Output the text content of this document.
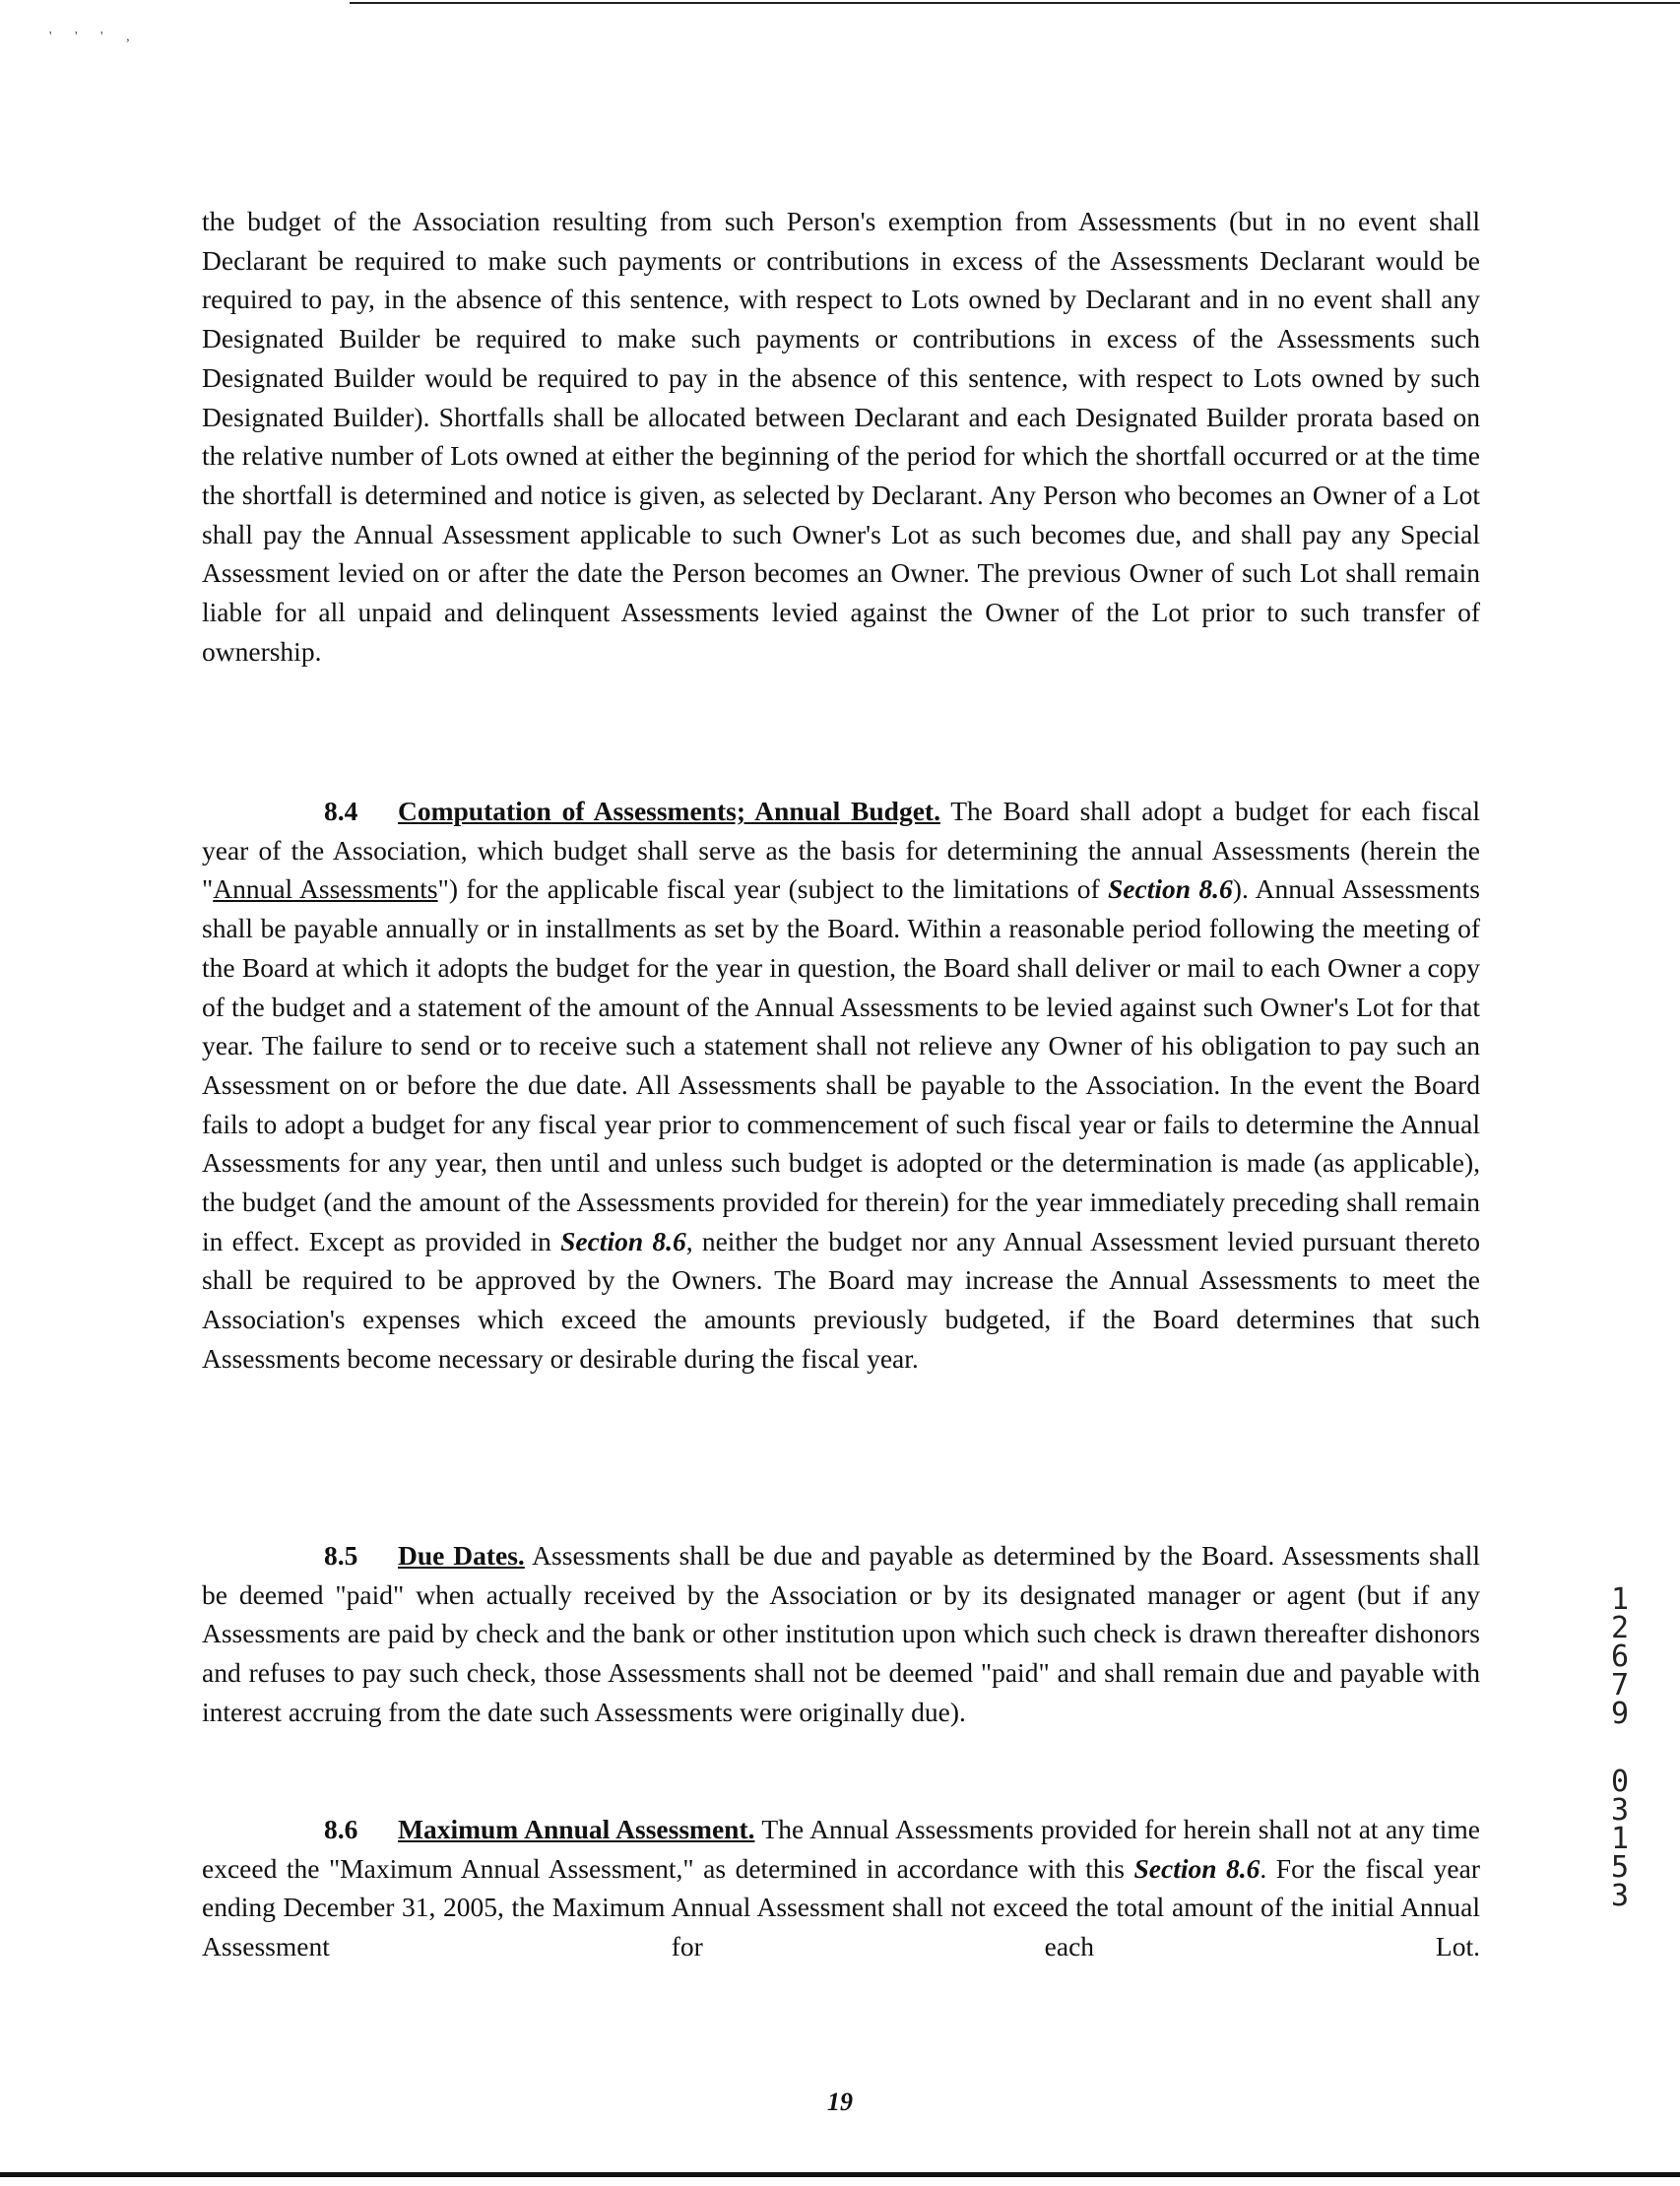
' ' ' ,

the budget of the Association resulting from such Person's exemption from Assessments (but in no event shall Declarant be required to make such payments or contributions in excess of the Assessments Declarant would be required to pay, in the absence of this sentence, with respect to Lots owned by Declarant and in no event shall any Designated Builder be required to make such payments or contributions in excess of the Assessments such Designated Builder would be required to pay in the absence of this sentence, with respect to Lots owned by such Designated Builder). Shortfalls shall be allocated between Declarant and each Designated Builder prorata based on the relative number of Lots owned at either the beginning of the period for which the shortfall occurred or at the time the shortfall is determined and notice is given, as selected by Declarant. Any Person who becomes an Owner of a Lot shall pay the Annual Assessment applicable to such Owner's Lot as such becomes due, and shall pay any Special Assessment levied on or after the date the Person becomes an Owner. The previous Owner of such Lot shall remain liable for all unpaid and delinquent Assessments levied against the Owner of the Lot prior to such transfer of ownership.

8.4 Computation of Assessments; Annual Budget. The Board shall adopt a budget for each fiscal year of the Association, which budget shall serve as the basis for determining the annual Assessments (herein the "Annual Assessments") for the applicable fiscal year (subject to the limitations of Section 8.6). Annual Assessments shall be payable annually or in installments as set by the Board. Within a reasonable period following the meeting of the Board at which it adopts the budget for the year in question, the Board shall deliver or mail to each Owner a copy of the budget and a statement of the amount of the Annual Assessments to be levied against such Owner's Lot for that year. The failure to send or to receive such a statement shall not relieve any Owner of his obligation to pay such an Assessment on or before the due date. All Assessments shall be payable to the Association. In the event the Board fails to adopt a budget for any fiscal year prior to commencement of such fiscal year or fails to determine the Annual Assessments for any year, then until and unless such budget is adopted or the determination is made (as applicable), the budget (and the amount of the Assessments provided for therein) for the year immediately preceding shall remain in effect. Except as provided in Section 8.6, neither the budget nor any Annual Assessment levied pursuant thereto shall be required to be approved by the Owners. The Board may increase the Annual Assessments to meet the Association's expenses which exceed the amounts previously budgeted, if the Board determines that such Assessments become necessary or desirable during the fiscal year.

8.5 Due Dates. Assessments shall be due and payable as determined by the Board. Assessments shall be deemed "paid" when actually received by the Association or by its designated manager or agent (but if any Assessments are paid by check and the bank or other institution upon which such check is drawn thereafter dishonors and refuses to pay such check, those Assessments shall not be deemed "paid" and shall remain due and payable with interest accruing from the date such Assessments were originally due).

8.6 Maximum Annual Assessment. The Annual Assessments provided for herein shall not at any time exceed the "Maximum Annual Assessment," as determined in accordance with this Section 8.6. For the fiscal year ending December 31, 2005, the Maximum Annual Assessment shall not exceed the total amount of the initial Annual Assessment for each Lot.

1
2
6
7
9
0
3
1
5
3
19
